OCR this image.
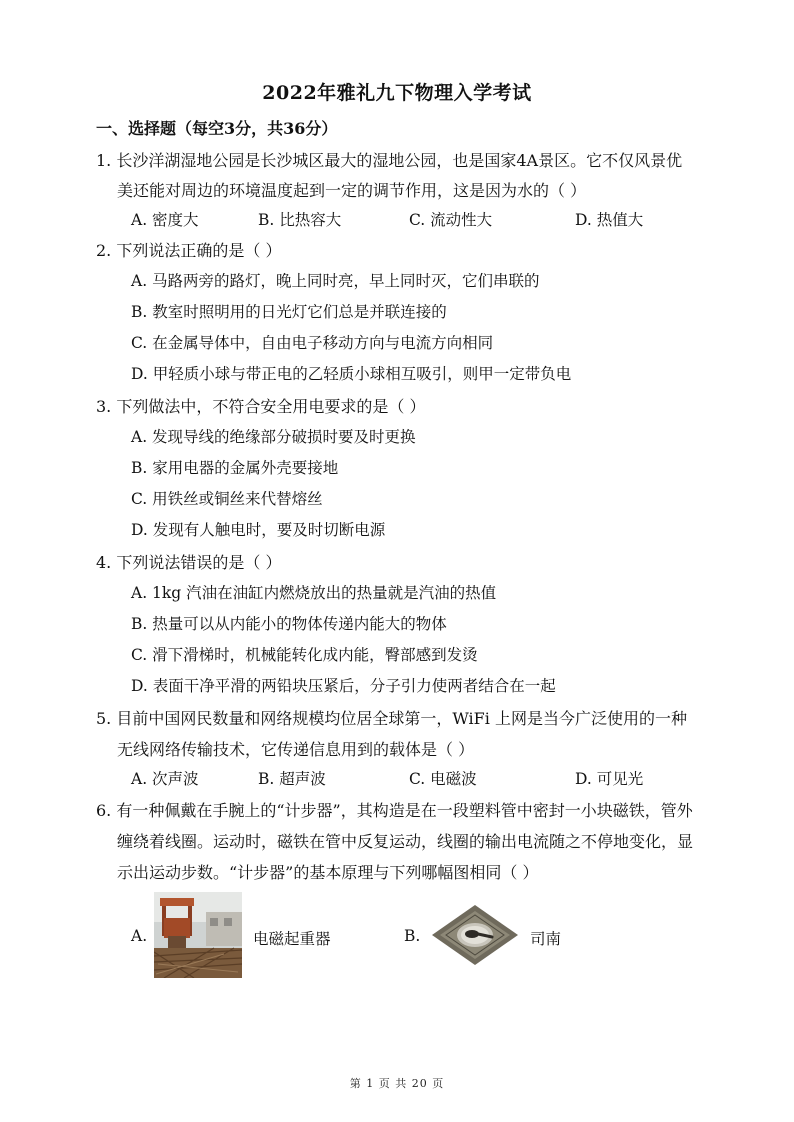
2022年雅礼九下物理入学考试
一、选择题（每空3分，共36分）
1. 长沙洋湖湿地公园是长沙城区最大的湿地公园，也是国家4A景区。它不仅风景优
美还能对周边的环境温度起到一定的调节作用，这是因为水的（ ）
A. 密度大	B. 比热容大	C. 流动性大	D. 热值大
2. 下列说法正确的是（ ）
A. 马路两旁的路灯，晚上同时亮，早上同时灭，它们串联的
B. 教室时照明用的日光灯它们总是并联连接的
C. 在金属导体中，自由电子移动方向与电流方向相同
D. 甲轻质小球与带正电的乙轻质小球相互吸引，则甲一定带负电
3. 下列做法中，不符合安全用电要求的是（ ）
A. 发现导线的绝缘部分破损时要及时更换
B. 家用电器的金属外壳要接地
C. 用铁丝或铜丝来代替熔丝
D. 发现有人触电时，要及时切断电源
4. 下列说法错误的是（ ）
A. 1kg 汽油在油缸内燃烧放出的热量就是汽油的热值
B. 热量可以从内能小的物体传递内能大的物体
C. 滑下滑梯时，机械能转化成内能，臀部感到发烫
D. 表面干净平滑的两铅块压紧后，分子引力使两者结合在一起
5. 目前中国网民数量和网络规模均位居全球第一，WiFi 上网是当今广泛使用的一种
无线网络传输技术，它传递信息用到的载体是（ ）
A. 次声波	B. 超声波	C. 电磁波	D. 可见光
6. 有一种佩戴在手腕上的“计步器”，其构造是在一段塑料管中密封一小块磁铁，管外
缠绕着线圈。运动时，磁铁在管中反复运动，线圈的输出电流随之不停地变化，显
示出运动步数。“计步器”的基本原理与下列哪幅图相同（ ）
A.	电磁起重器	B.	司南
第 1 页 共 20 页
